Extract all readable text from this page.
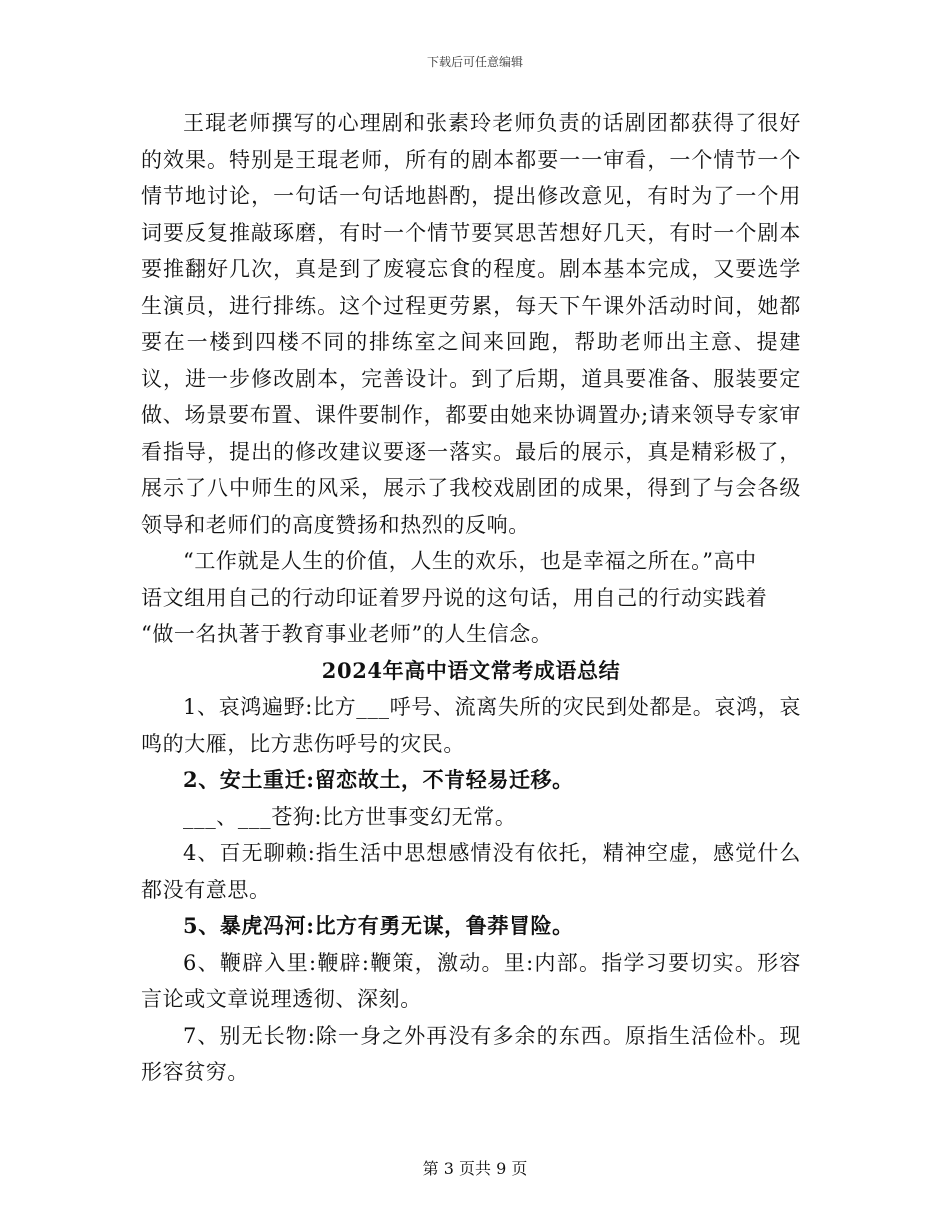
下载后可任意编辑

王琨老师撰写的心理剧和张素玲老师负责的话剧团都获得了很好的效果。特别是王琨老师，所有的剧本都要一一审看，一个情节一个情节地讨论，一句话一句话地斟酌，提出修改意见，有时为了一个用词要反复推敲琢磨，有时一个情节要冥思苦想好几天，有时一个剧本要推翻好几次，真是到了废寝忘食的程度。剧本基本完成，又要选学生演员，进行排练。这个过程更劳累，每天下午课外活动时间，她都要在一楼到四楼不同的排练室之间来回跑，帮助老师出主意、提建议，进一步修改剧本，完善设计。到了后期，道具要准备、服装要定做、场景要布置、课件要制作，都要由她来协调置办;请来领导专家审看指导，提出的修改建议要逐一落实。最后的展示，真是精彩极了，展示了八中师生的风采，展示了我校戏剧团的成果，得到了与会各级领导和老师们的高度赞扬和热烈的反响。

“工作就是人生的价值，人生的欢乐，也是幸福之所在。”高中

语文组用自己的行动印证着罗丹说的这句话，用自己的行动实践着

“做一名执著于教育事业老师”的人生信念。

2024年高中语文常考成语总结

1、哀鸿遍野:比方___呼号、流离失所的灾民到处都是。哀鸿，哀鸣的大雁，比方悲伤呼号的灾民。

2、安土重迁:留恋故土，不肯轻易迁移。

___、___苍狗:比方世事变幻无常。

4、百无聊赖:指生活中思想感情没有依托，精神空虚，感觉什么都没有意思。

5、暴虎冯河:比方有勇无谋，鲁莽冒险。

6、鞭辟入里:鞭辟:鞭策，激动。里:内部。指学习要切实。形容言论或文章说理透彻、深刻。

7、别无长物:除一身之外再没有多余的东西。原指生活俭朴。现形容贫穷。

第 3 页共 9 页
